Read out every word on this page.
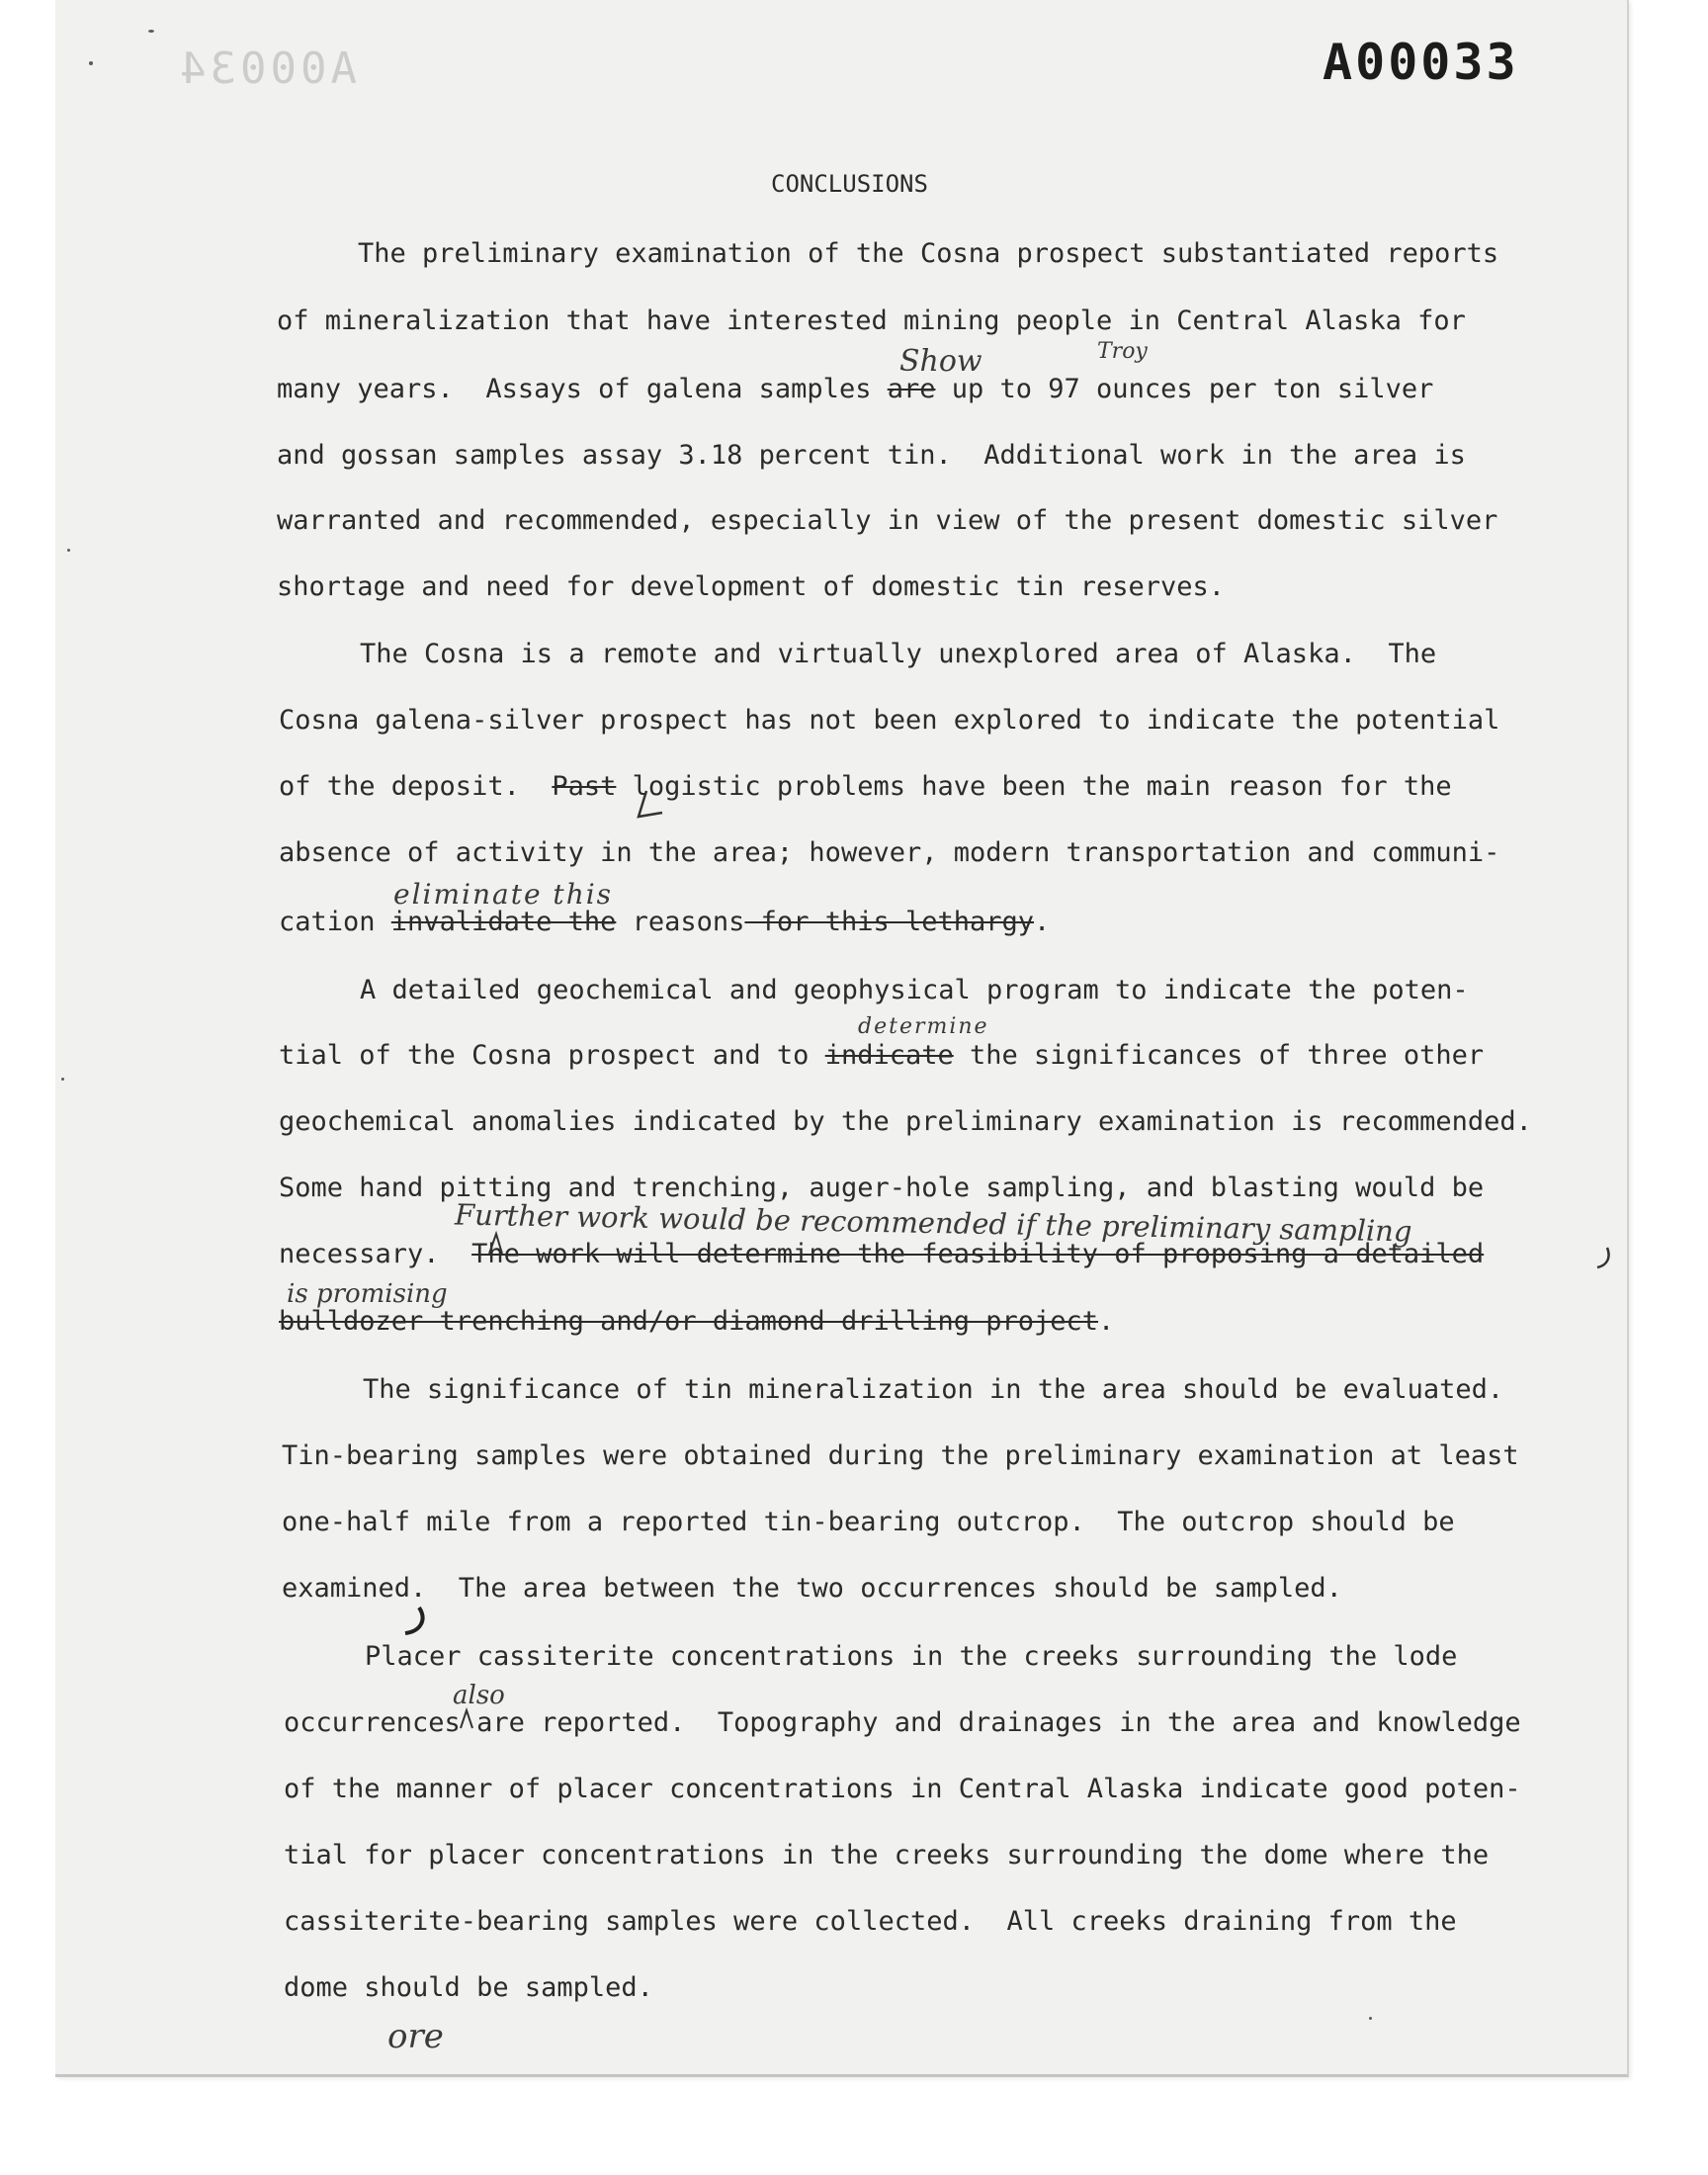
A00034	A00033
CONCLUSIONS
The preliminary examination of the Cosna prospect substantiated reports
of mineralization that have interested mining people in Central Alaska for
many years.  Assays of galena samples are up to 97 ounces per ton silver
and gossan samples assay 3.18 percent tin.  Additional work in the area is
warranted and recommended, especially in view of the present domestic silver
shortage and need for development of domestic tin reserves.
The Cosna is a remote and virtually unexplored area of Alaska.  The
Cosna galena-silver prospect has not been explored to indicate the potential
of the deposit.  Past logistic problems have been the main reason for the
absence of activity in the area; however, modern transportation and communi-
cation invalidate the reasons for this lethargy.
A detailed geochemical and geophysical program to indicate the poten-
tial of the Cosna prospect and to indicate the significances of three other
geochemical anomalies indicated by the preliminary examination is recommended.
Some hand pitting and trenching, auger-hole sampling, and blasting would be
necessary.  The work will determine the feasibility of proposing a detailed
bulldozer trenching and/or diamond drilling project.
The significance of tin mineralization in the area should be evaluated.
Tin-bearing samples were obtained during the preliminary examination at least
one-half mile from a reported tin-bearing outcrop.  The outcrop should be
examined.  The area between the two occurrences should be sampled.
Placer cassiterite concentrations in the creeks surrounding the lode
occurrences are reported.  Topography and drainages in the area and knowledge
of the manner of placer concentrations in Central Alaska indicate good poten-
tial for placer concentrations in the creeks surrounding the dome where the
cassiterite-bearing samples were collected.  All creeks draining from the
dome should be sampled.
Show	Troy
eliminate this
determine
Further work would be recommended if the preliminary sampling
is promising
also
ore
